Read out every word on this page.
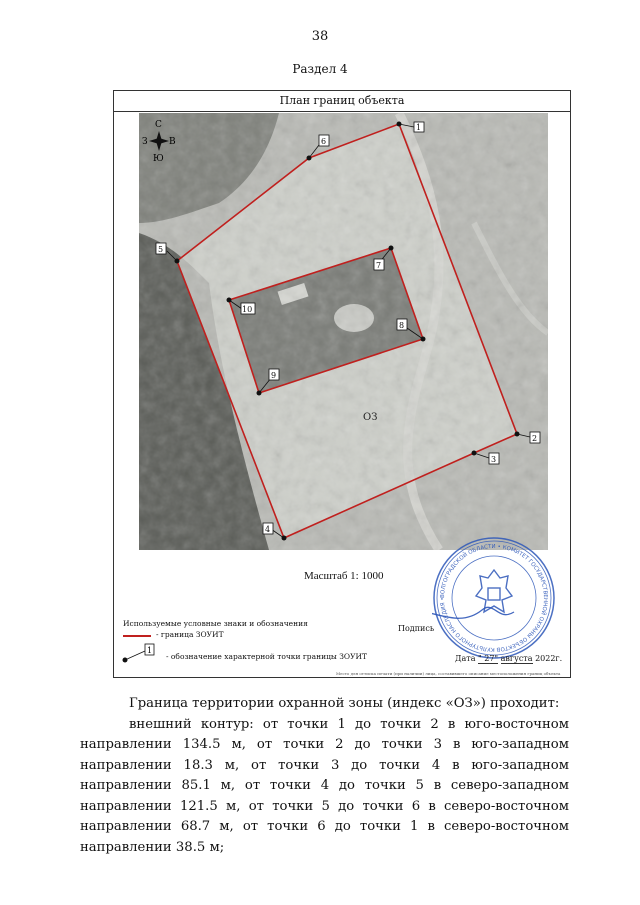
38
Раздел 4
План границ объекта
С
Ю
З В
ОЗ
1
2
3
4
5
6
7
8
9
10
Масштаб 1: 1000
Используемые условные знаки и обозначения
- граница ЗОУИТ
1
- обозначение характерной точки границы ЗОУИТ
ВОЛГОГРАДСКОЙ ОБЛАСТИ • КОМИТЕТ ГОСУДАРСТВЕННОЙ ОХРАНЫ ОБЪЕКТОВ КУЛЬТУРНОГО НАСЛЕДИЯ •
Подпись
Дата " 27" августа 2022г.
Место для оттиска печати (при наличии) лица, составившего описание местоположения границ объекта

Граница территории охранной зоны (индекс «ОЗ») проходит:

внешний контур: от точки 1 до точки 2 в юго-восточном направлении 134.5 м, от точки 2 до точки 3 в юго-западном направлении 18.3 м, от точки 3 до точки 4 в юго-западном направлении 85.1 м, от точки 4 до точки 5 в северо-западном направлении 121.5 м, от точки 5 до точки 6 в северо-восточном направлении 68.7 м, от точки 6 до точки 1 в северо-восточном направлении 38.5 м;
